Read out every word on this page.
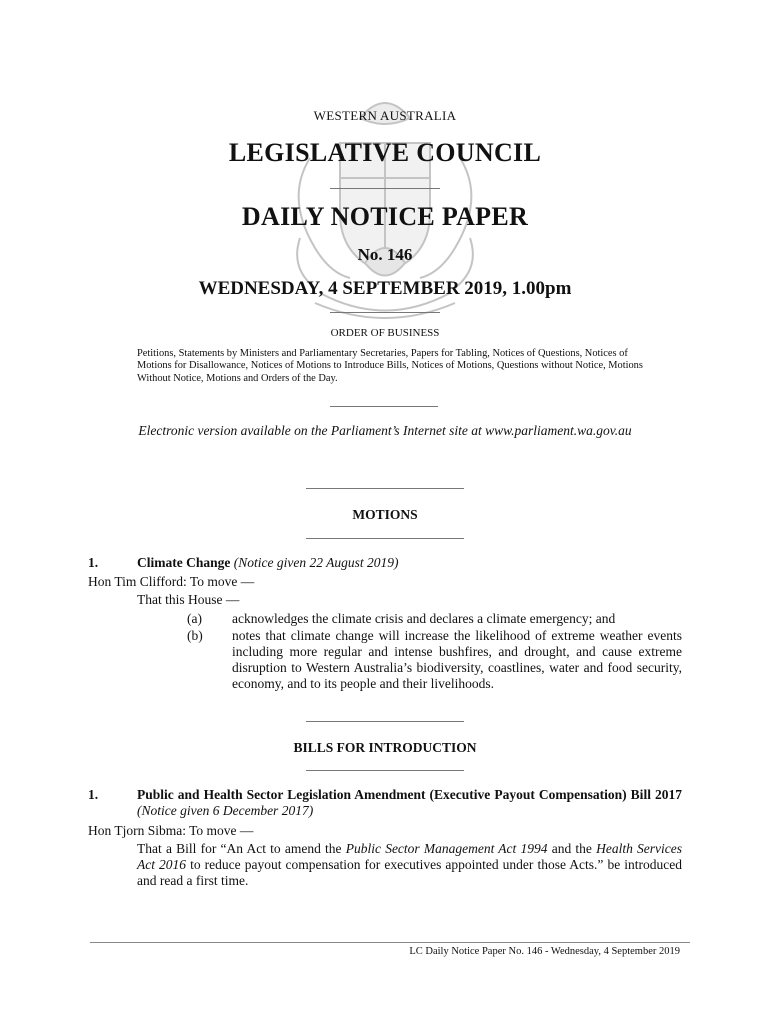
WESTERN AUSTRALIA
LEGISLATIVE COUNCIL
DAILY NOTICE PAPER
No. 146
WEDNESDAY, 4 SEPTEMBER 2019, 1.00pm
ORDER OF BUSINESS
Petitions, Statements by Ministers and Parliamentary Secretaries, Papers for Tabling, Notices of Questions, Notices of Motions for Disallowance, Notices of Motions to Introduce Bills, Notices of Motions, Questions without Notice, Motions Without Notice, Motions and Orders of the Day.
Electronic version available on the Parliament’s Internet site at www.parliament.wa.gov.au
MOTIONS
1.	Climate Change (Notice given 22 August 2019)
Hon Tim Clifford: To move —
That this House —
(a) acknowledges the climate crisis and declares a climate emergency; and
(b) notes that climate change will increase the likelihood of extreme weather events including more regular and intense bushfires, and drought, and cause extreme disruption to Western Australia’s biodiversity, coastlines, water and food security, economy, and to its people and their livelihoods.
BILLS FOR INTRODUCTION
1.	Public and Health Sector Legislation Amendment (Executive Payout Compensation) Bill 2017 (Notice given 6 December 2017)
Hon Tjorn Sibma: To move —
That a Bill for “An Act to amend the Public Sector Management Act 1994 and the Health Services Act 2016 to reduce payout compensation for executives appointed under those Acts.” be introduced and read a first time.
LC Daily Notice Paper No. 146 - Wednesday, 4 September 2019
